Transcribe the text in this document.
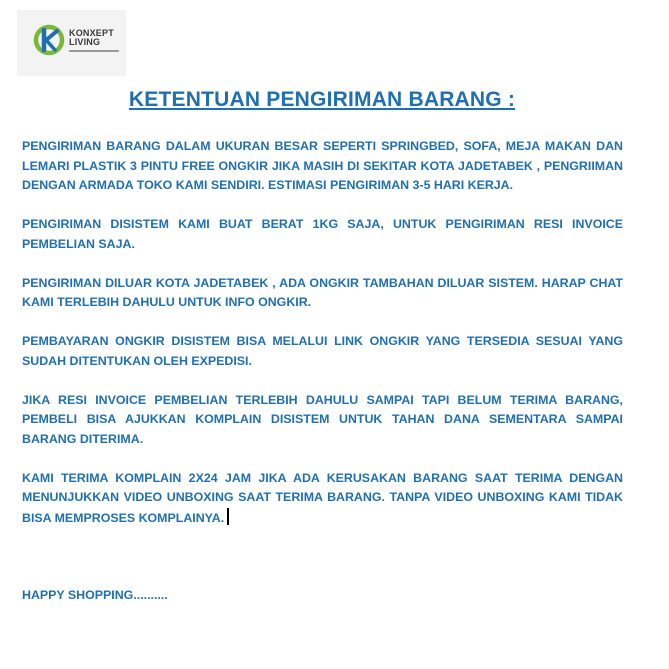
KONXEPT
LIVING
KETENTUAN PENGIRIMAN BARANG :

PENGIRIMAN BARANG DALAM UKURAN BESAR SEPERTI SPRINGBED, SOFA, MEJA MAKAN DAN LEMARI PLASTIK 3 PINTU FREE ONGKIR JIKA MASIH DI SEKITAR KOTA JADETABEK , PENGRIIMAN DENGAN ARMADA TOKO KAMI SENDIRI. ESTIMASI PENGIRIMAN 3-5 HARI KERJA.

PENGIRIMAN DISISTEM KAMI BUAT BERAT 1KG SAJA, UNTUK PENGIRIMAN RESI INVOICE PEMBELIAN SAJA.

PENGIRIMAN DILUAR KOTA JADETABEK , ADA ONGKIR TAMBAHAN DILUAR SISTEM. HARAP CHAT KAMI TERLEBIH DAHULU UNTUK INFO ONGKIR.

PEMBAYARAN ONGKIR DISISTEM BISA MELALUI LINK ONGKIR YANG TERSEDIA SESUAI YANG SUDAH DITENTUKAN OLEH EXPEDISI.

JIKA RESI INVOICE PEMBELIAN TERLEBIH DAHULU SAMPAI TAPI BELUM TERIMA BARANG, PEMBELI BISA AJUKKAN KOMPLAIN DISISTEM UNTUK TAHAN DANA SEMENTARA SAMPAI BARANG DITERIMA.

KAMI TERIMA KOMPLAIN 2X24 JAM JIKA ADA KERUSAKAN BARANG SAAT TERIMA DENGAN MENUNJUKKAN VIDEO UNBOXING SAAT TERIMA BARANG. TANPA VIDEO UNBOXING KAMI TIDAK BISA MEMPROSES KOMPLAINYA.

HAPPY SHOPPING..........
